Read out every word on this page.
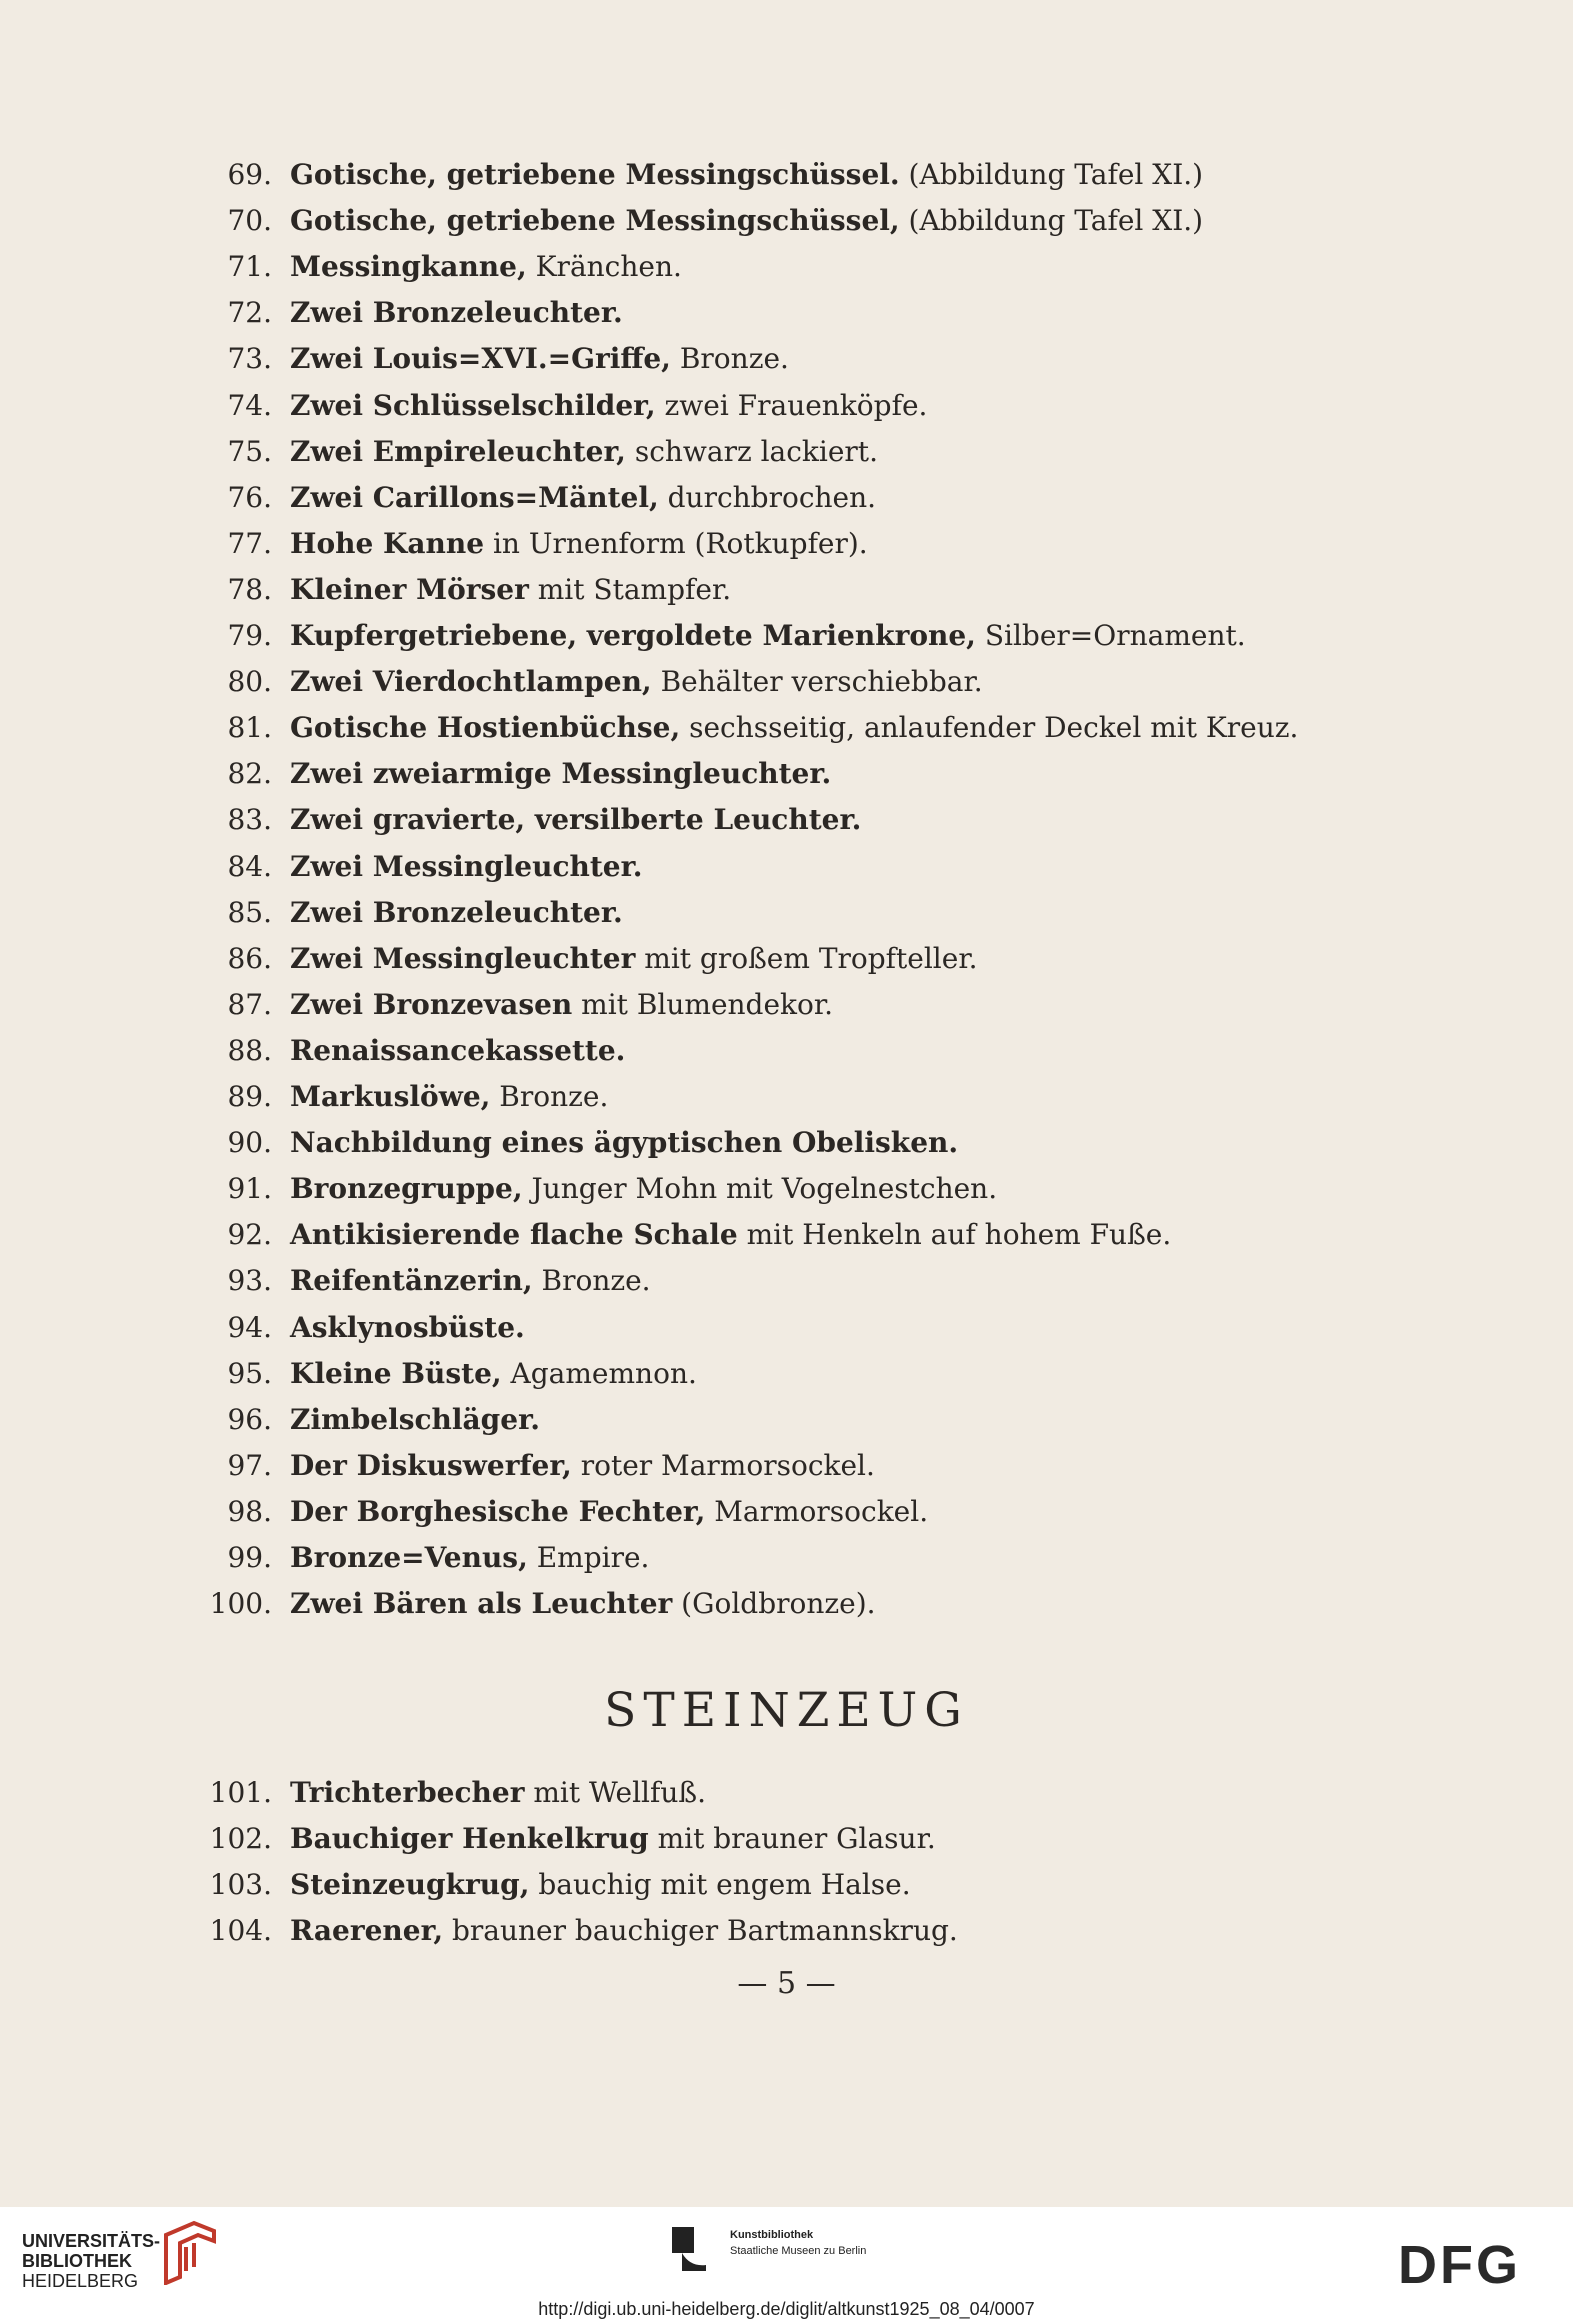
69. Gotische, getriebene Messingschüssel. (Abbildung Tafel XI.)
70. Gotische, getriebene Messingschüssel, (Abbildung Tafel XI.)
71. Messingkanne, Kränchen.
72. Zwei Bronzeleuchter.
73. Zwei Louis=XVI.=Griffe, Bronze.
74. Zwei Schlüsselschilder, zwei Frauenköpfe.
75. Zwei Empireleuchter, schwarz lackiert.
76. Zwei Carillons=Mäntel, durchbrochen.
77. Hohe Kanne in Urnenform (Rotkupfer).
78. Kleiner Mörser mit Stampfer.
79. Kupfergetriebene, vergoldete Marienkrone, Silber=Ornament.
80. Zwei Vierdochtlampen, Behälter verschiebbar.
81. Gotische Hostienbüchse, sechsseitig, anlaufender Deckel mit Kreuz.
82. Zwei zweiarmige Messingleuchter.
83. Zwei gravierte, versilberte Leuchter.
84. Zwei Messingleuchter.
85. Zwei Bronzeleuchter.
86. Zwei Messingleuchter mit großem Tropfteller.
87. Zwei Bronzevasen mit Blumendekor.
88. Renaissancekassette.
89. Markuslöwe, Bronze.
90. Nachbildung eines ägyptischen Obelisken.
91. Bronzegruppe, Junger Mohn mit Vogelnestchen.
92. Antikisierende flache Schale mit Henkeln auf hohem Fuße.
93. Reifentänzerin, Bronze.
94. Asklynosbüste.
95. Kleine Büste, Agamemnon.
96. Zimbelschläger.
97. Der Diskuswerfer, roter Marmorsockel.
98. Der Borghesische Fechter, Marmorsockel.
99. Bronze=Venus, Empire.
100. Zwei Bären als Leuchter (Goldbronze).
STEINZEUG
101. Trichterbecher mit Wellfuß.
102. Bauchiger Henkelkrug mit brauner Glasur.
103. Steinzeugkrug, bauchig mit engem Halse.
104. Raerener, brauner bauchiger Bartmannskrug.
— 5 —
UNIVERSITÄTS-
BIBLIOTHEK
HEIDELBERG
Kunstbibliothek
Staatliche Museen zu Berlin	DFG
http://digi.ub.uni-heidelberg.de/diglit/altkunst1925_08_04/0007
